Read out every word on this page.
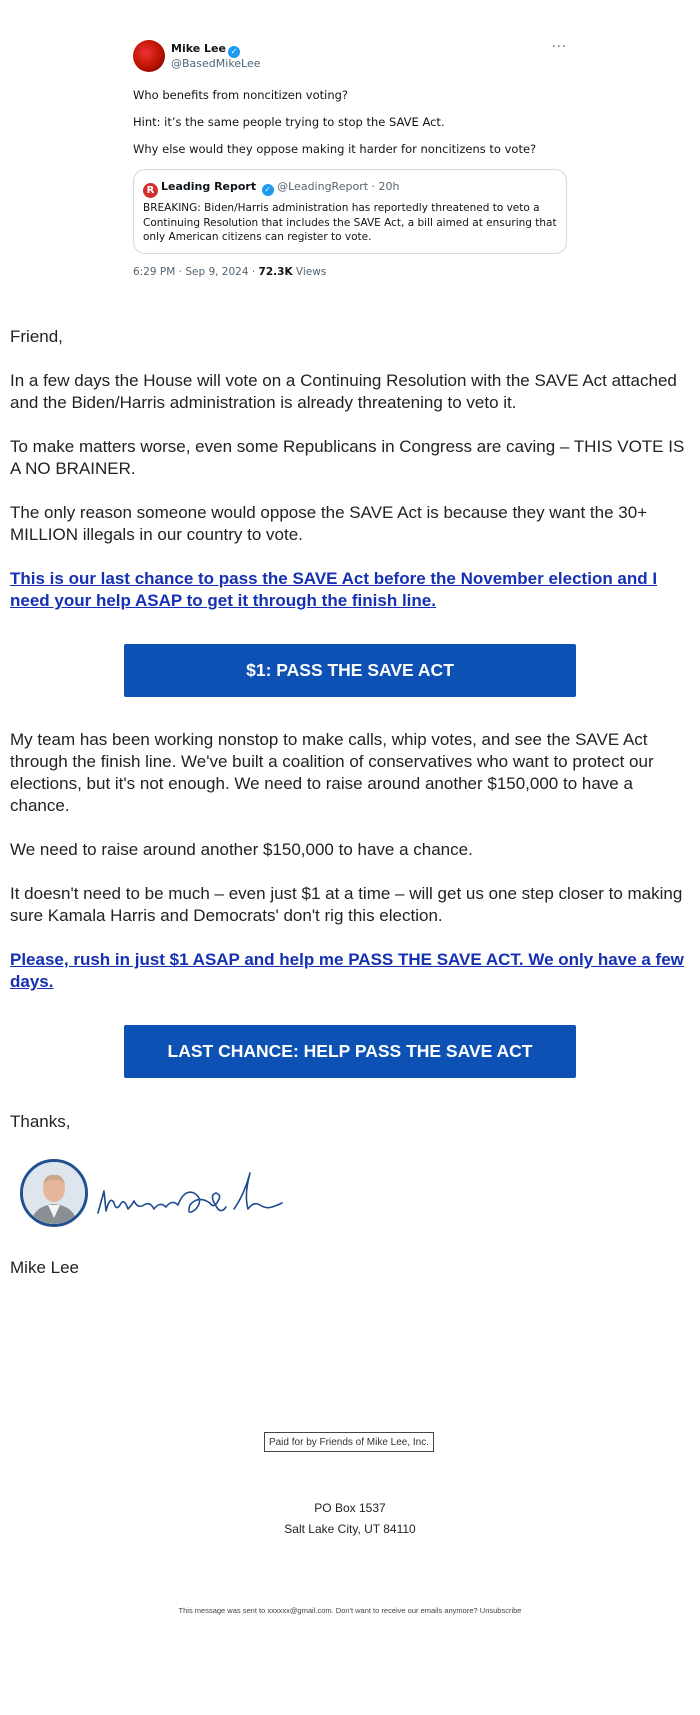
Mike Lee ✓
@BasedMikeLee
···
Who benefits from noncitizen voting?
Hint: it’s the same people trying to stop the SAVE Act.
Why else would they oppose making it harder for noncitizens to vote?
R Leading Report ✓ @LeadingReport · 20h
BREAKING: Biden/Harris administration has reportedly threatened to veto a Continuing Resolution that includes the SAVE Act, a bill aimed at ensuring that only American citizens can register to vote.
6:29 PM · Sep 9, 2024 · 72.3K Views

Friend,

In a few days the House will vote on a Continuing Resolution with the SAVE Act attached and the Biden/Harris administration is already threatening to veto it.

To make matters worse, even some Republicans in Congress are caving – THIS VOTE IS A NO BRAINER.

The only reason someone would oppose the SAVE Act is because they want the 30+ MILLION illegals in our country to vote.

This is our last chance to pass the SAVE Act before the November election and I need your help ASAP to get it through the finish line.

$1: PASS THE SAVE ACT

My team has been working nonstop to make calls, whip votes, and see the SAVE Act through the finish line. We've built a coalition of conservatives who want to protect our elections, but it's not enough. We need to raise around another $150,000 to have a chance.

We need to raise around another $150,000 to have a chance.

It doesn't need to be much – even just $1 at a time – will get us one step closer to making sure Kamala Harris and Democrats' don't rig this election.

Please, rush in just $1 ASAP and help me PASS THE SAVE ACT. We only have a few days.

LAST CHANCE: HELP PASS THE SAVE ACT

Thanks,

Mike Lee

Paid for by Friends of Mike Lee, Inc.
PO Box 1537
Salt Lake City, UT 84110
This message was sent to xxxxxx@gmail.com. Don't want to receive our emails anymore? Unsubscribe
